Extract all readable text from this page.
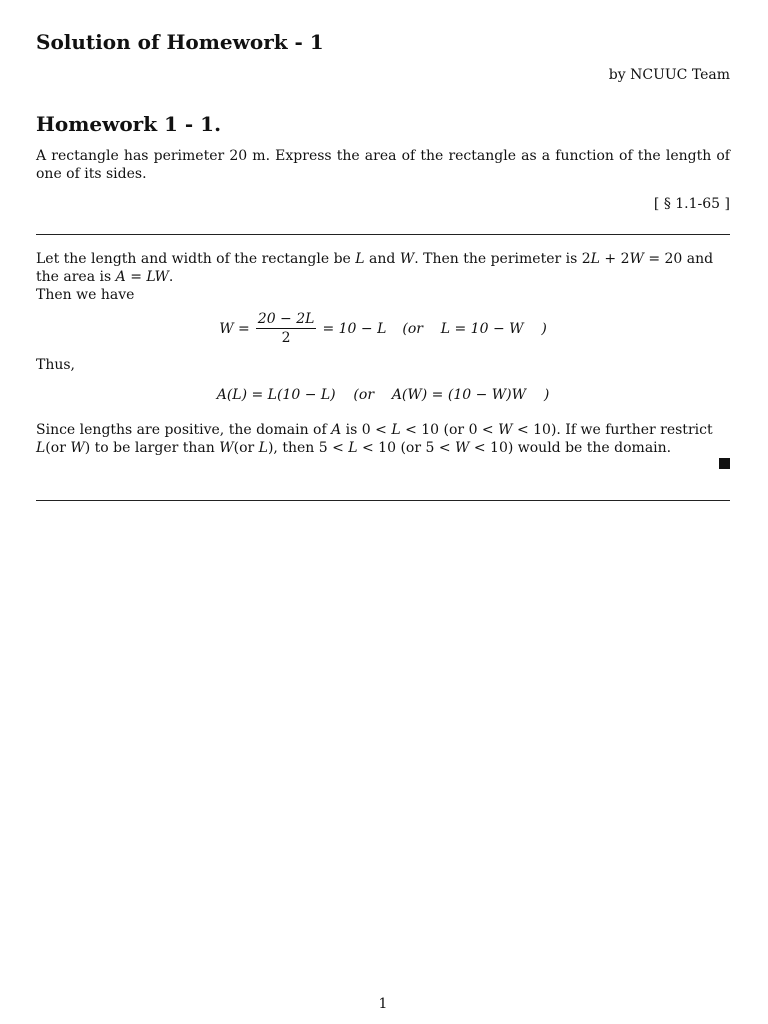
Solution of Homework - 1
by NCUUC Team
Homework 1 - 1.
A rectangle has perimeter 20 m. Express the area of the rectangle as a function of the length of one of its sides.
[ § 1.1-65 ]
Let the length and width of the rectangle be L and W. Then the perimeter is 2L + 2W = 20 and the area is A = LW.
Then we have
$W = \frac{20 - 2L}{2} = 10 - L$ (or    L = 10 − W    )
Thus,
A(L) = L(10 − L)    (or    A(W) = (10 − W)W    )
Since lengths are positive, the domain of A is 0 < L < 10 (or 0 < W < 10). If we further restrict L(or W) to be larger than W(or L), then 5 < L < 10 (or 5 < W < 10) would be the domain.
1
